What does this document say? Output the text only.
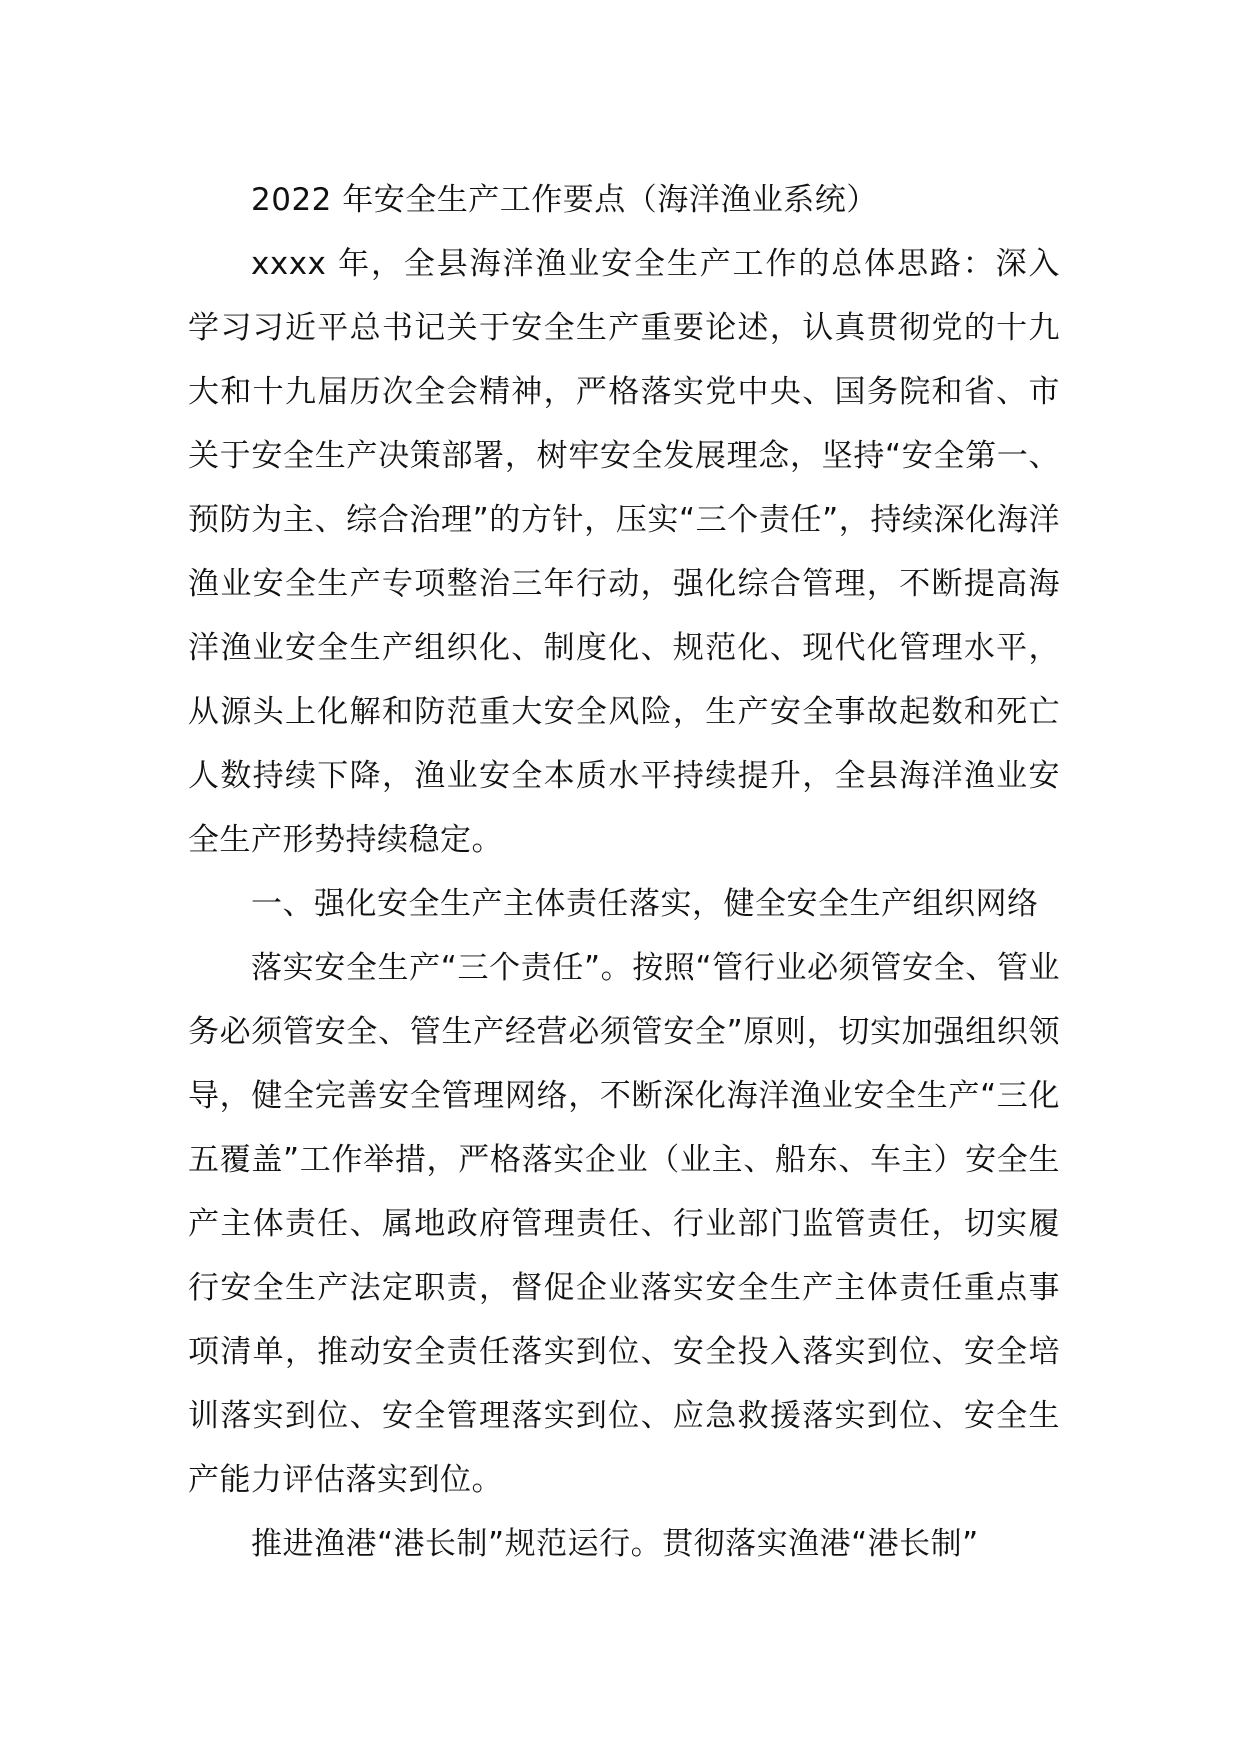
2022 年安全生产工作要点（海洋渔业系统）

xxxx 年，全县海洋渔业安全生产工作的总体思路：深入学习习近平总书记关于安全生产重要论述，认真贯彻党的十九大和十九届历次全会精神，严格落实党中央、国务院和省、市关于安全生产决策部署，树牢安全发展理念，坚持“安全第一、预防为主、综合治理”的方针，压实“三个责任”，持续深化海洋渔业安全生产专项整治三年行动，强化综合管理，不断提高海洋渔业安全生产组织化、制度化、规范化、现代化管理水平，从源头上化解和防范重大安全风险，生产安全事故起数和死亡人数持续下降，渔业安全本质水平持续提升，全县海洋渔业安全生产形势持续稳定。

一、强化安全生产主体责任落实，健全安全生产组织网络

落实安全生产“三个责任”。按照“管行业必须管安全、管业务必须管安全、管生产经营必须管安全”原则，切实加强组织领导，健全完善安全管理网络，不断深化海洋渔业安全生产“三化五覆盖”工作举措，严格落实企业（业主、船东、车主）安全生产主体责任、属地政府管理责任、行业部门监管责任，切实履行安全生产法定职责，督促企业落实安全生产主体责任重点事项清单，推动安全责任落实到位、安全投入落实到位、安全培训落实到位、安全管理落实到位、应急救援落实到位、安全生产能力评估落实到位。

推进渔港“港长制”规范运行。贯彻落实渔港“港长制”
